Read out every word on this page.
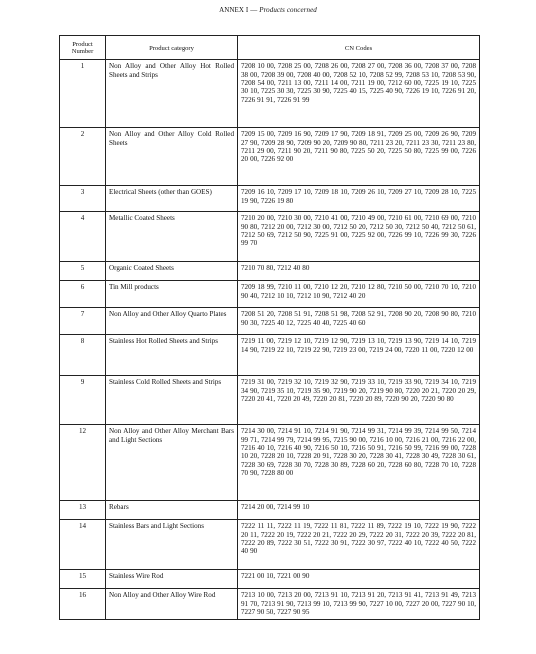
ANNEX I — Products concerned
Product Number	Product category	CN Codes
1	Non Alloy and Other Alloy Hot Rolled Sheets and Strips	7208 10 00, 7208 25 00, 7208 26 00, 7208 27 00, 7208 36 00, 7208 37 00, 7208 38 00, 7208 39 00, 7208 40 00, 7208 52 10, 7208 52 99, 7208 53 10, 7208 53 90, 7208 54 00, 7211 13 00, 7211 14 00, 7211 19 00, 7212 60 00, 7225 19 10, 7225 30 10, 7225 30 30, 7225 30 90, 7225 40 15, 7225 40 90, 7226 19 10, 7226 91 20, 7226 91 91, 7226 91 99
2	Non Alloy and Other Alloy Cold Rolled Sheets	7209 15 00, 7209 16 90, 7209 17 90, 7209 18 91, 7209 25 00, 7209 26 90, 7209 27 90, 7209 28 90, 7209 90 20, 7209 90 80, 7211 23 20, 7211 23 30, 7211 23 80, 7211 29 00, 7211 90 20, 7211 90 80, 7225 50 20, 7225 50 80, 7225 99 00, 7226 20 00, 7226 92 00
3	Electrical Sheets (other than GOES)	7209 16 10, 7209 17 10, 7209 18 10, 7209 26 10, 7209 27 10, 7209 28 10, 7225 19 90, 7226 19 80
4	Metallic Coated Sheets	7210 20 00, 7210 30 00, 7210 41 00, 7210 49 00, 7210 61 00, 7210 69 00, 7210 90 80, 7212 20 00, 7212 30 00, 7212 50 20, 7212 50 30, 7212 50 40, 7212 50 61, 7212 50 69, 7212 50 90, 7225 91 00, 7225 92 00, 7226 99 10, 7226 99 30, 7226 99 70
5	Organic Coated Sheets	7210 70 80, 7212 40 80
6	Tin Mill products	7209 18 99, 7210 11 00, 7210 12 20, 7210 12 80, 7210 50 00, 7210 70 10, 7210 90 40, 7212 10 10, 7212 10 90, 7212 40 20
7	Non Alloy and Other Alloy Quarto Plates	7208 51 20, 7208 51 91, 7208 51 98, 7208 52 91, 7208 90 20, 7208 90 80, 7210 90 30, 7225 40 12, 7225 40 40, 7225 40 60
8	Stainless Hot Rolled Sheets and Strips	7219 11 00, 7219 12 10, 7219 12 90, 7219 13 10, 7219 13 90, 7219 14 10, 7219 14 90, 7219 22 10, 7219 22 90, 7219 23 00, 7219 24 00, 7220 11 00, 7220 12 00
9	Stainless Cold Rolled Sheets and Strips	7219 31 00, 7219 32 10, 7219 32 90, 7219 33 10, 7219 33 90, 7219 34 10, 7219 34 90, 7219 35 10, 7219 35 90, 7219 90 20, 7219 90 80, 7220 20 21, 7220 20 29, 7220 20 41, 7220 20 49, 7220 20 81, 7220 20 89, 7220 90 20, 7220 90 80
12	Non Alloy and Other Alloy Merchant Bars and Light Sections	7214 30 00, 7214 91 10, 7214 91 90, 7214 99 31, 7214 99 39, 7214 99 50, 7214 99 71, 7214 99 79, 7214 99 95, 7215 90 00, 7216 10 00, 7216 21 00, 7216 22 00, 7216 40 10, 7216 40 90, 7216 50 10, 7216 50 91, 7216 50 99, 7216 99 00, 7228 10 20, 7228 20 10, 7228 20 91, 7228 30 20, 7228 30 41, 7228 30 49, 7228 30 61, 7228 30 69, 7228 30 70, 7228 30 89, 7228 60 20, 7228 60 80, 7228 70 10, 7228 70 90, 7228 80 00
13	Rebars	7214 20 00, 7214 99 10
14	Stainless Bars and Light Sections	7222 11 11, 7222 11 19, 7222 11 81, 7222 11 89, 7222 19 10, 7222 19 90, 7222 20 11, 7222 20 19, 7222 20 21, 7222 20 29, 7222 20 31, 7222 20 39, 7222 20 81, 7222 20 89, 7222 30 51, 7222 30 91, 7222 30 97, 7222 40 10, 7222 40 50, 7222 40 90
15	Stainless Wire Rod	7221 00 10, 7221 00 90
16	Non Alloy and Other Alloy Wire Rod	7213 10 00, 7213 20 00, 7213 91 10, 7213 91 20, 7213 91 41, 7213 91 49, 7213 91 70, 7213 91 90, 7213 99 10, 7213 99 90, 7227 10 00, 7227 20 00, 7227 90 10, 7227 90 50, 7227 90 95
